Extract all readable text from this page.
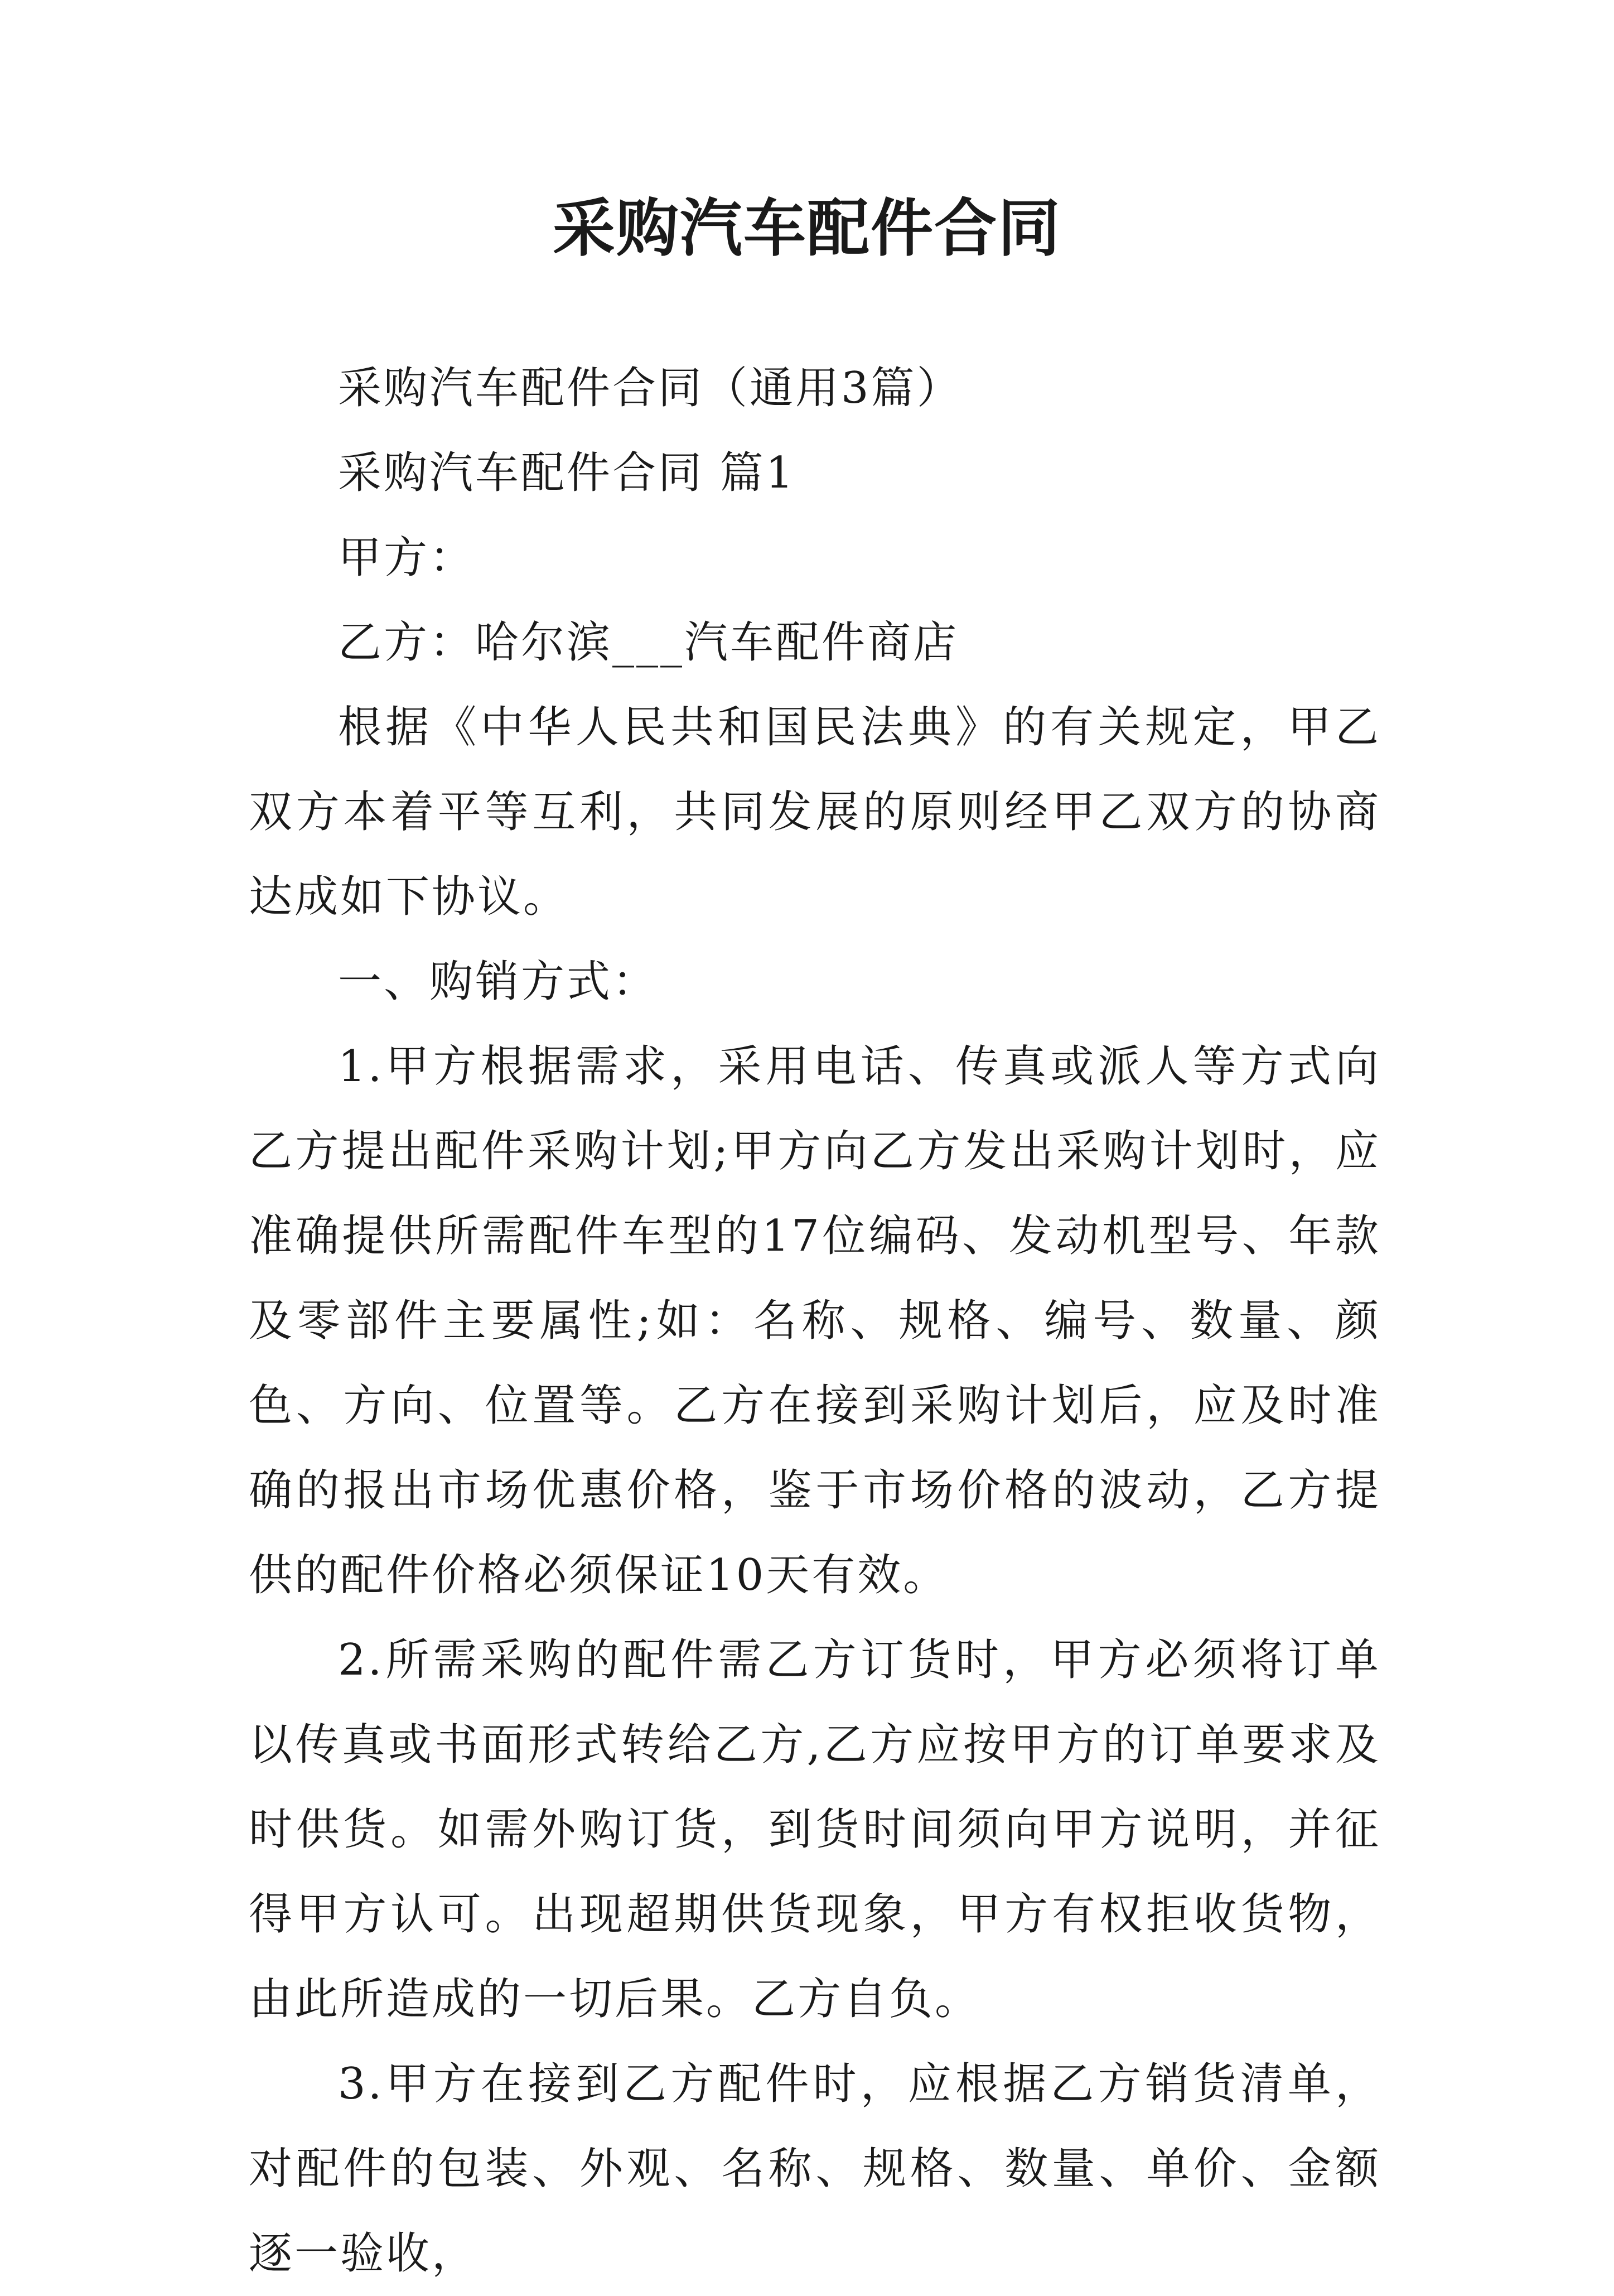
采购汽车配件合同

采购汽车配件合同（通用3篇）

采购汽车配件合同 篇1

甲方：

乙方：哈尔滨___汽车配件商店

根据《中华人民共和国民法典》的有关规定，甲乙双方本着平等互利，共同发展的原则经甲乙双方的协商达成如下协议。

一、购销方式：

1.甲方根据需求，采用电话、传真或派人等方式向乙方提出配件采购计划;甲方向乙方发出采购计划时，应准确提供所需配件车型的17位编码、发动机型号、年款及零部件主要属性;如：名称、规格、编号、数量、颜色、方向、位置等。乙方在接到采购计划后，应及时准确的报出市场优惠价格，鉴于市场价格的波动，乙方提供的配件价格必须保证10天有效。

2.所需采购的配件需乙方订货时，甲方必须将订单以传真或书面形式转给乙方,乙方应按甲方的订单要求及时供货。如需外购订货，到货时间须向甲方说明，并征得甲方认可。出现超期供货现象，甲方有权拒收货物，由此所造成的一切后果。乙方自负。

3.甲方在接到乙方配件时，应根据乙方销货清单，对配件的包装、外观、名称、规格、数量、单价、金额逐一验收，
